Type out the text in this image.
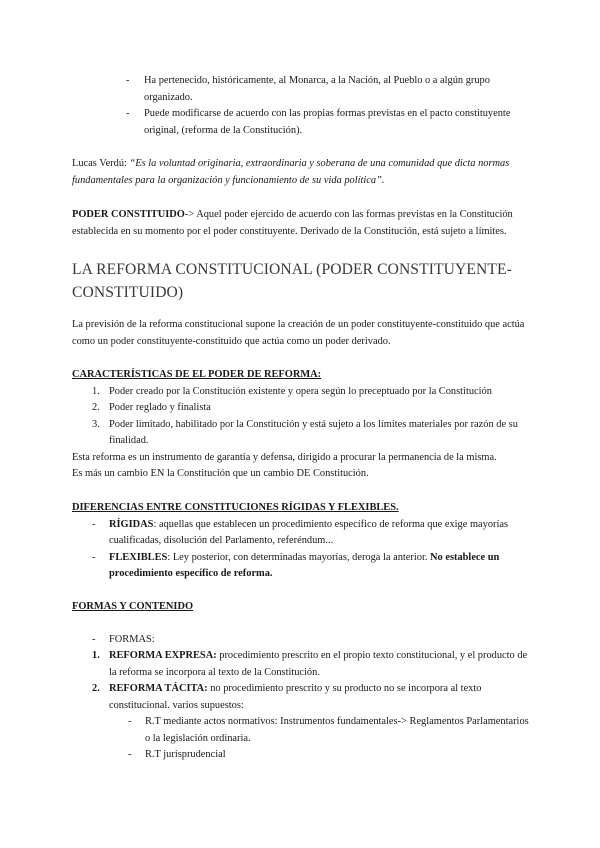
- Ha pertenecido, históricamente, al Monarca, a la Nación, al Pueblo o a algún grupo organizado.
- Puede modificarse de acuerdo con las propias formas previstas en el pacto constituyente original, (reforma de la Constitución).

Lucas Verdú: “Es la voluntad originaria, extraordinaria y soberana de una comunidad que dicta normas fundamentales para la organización y funcionamiento de su vida política”.

PODER CONSTITUIDO-> Aquel poder ejercido de acuerdo con las formas previstas en la Constitución establecida en su momento por el poder constituyente. Derivado de la Constitución, está sujeto a límites.

LA REFORMA CONSTITUCIONAL (PODER CONSTITUYENTE-CONSTITUIDO)

La previsión de la reforma constitucional supone la creación de un poder constituyente-constituido que actúa como un poder constituyente-constituido que actúa como un poder derivado.

CARACTERÍSTICAS DE EL PODER DE REFORMA:

1. Poder creado por la Constitución existente y opera según lo preceptuado por la Constitución
2. Poder reglado y finalista
3. Poder limitado, habilitado por la Constitución y está sujeto a los límites materiales por razón de su finalidad.

Esta reforma es un instrumento de garantía y defensa, dirigido a procurar la permanencia de la misma.

Es más un cambio EN la Constitución que un cambio DE Constitución.

DIFERENCIAS ENTRE CONSTITUCIONES RÍGIDAS Y FLEXIBLES.

- RÍGIDAS: aquellas que establecen un procedimiento específico de reforma que exige mayorías cualificadas, disolución del Parlamento, referéndum...
- FLEXIBLES: Ley posterior, con determinadas mayorías, deroga la anterior. No establece un procedimiento específico de reforma.

FORMAS Y CONTENIDO

- FORMAS:
1. REFORMA EXPRESA: procedimiento prescrito en el propio texto constitucional, y el producto de la reforma se incorpora al texto de la Constitución.
2. REFORMA TÁCITA: no procedimiento prescrito y su producto no se incorpora al texto constitucional. varios supuestos:
- R.T mediante actos normativos: Instrumentos fundamentales-> Reglamentos Parlamentarios o la legislación ordinaria.
- R.T jurisprudencial
